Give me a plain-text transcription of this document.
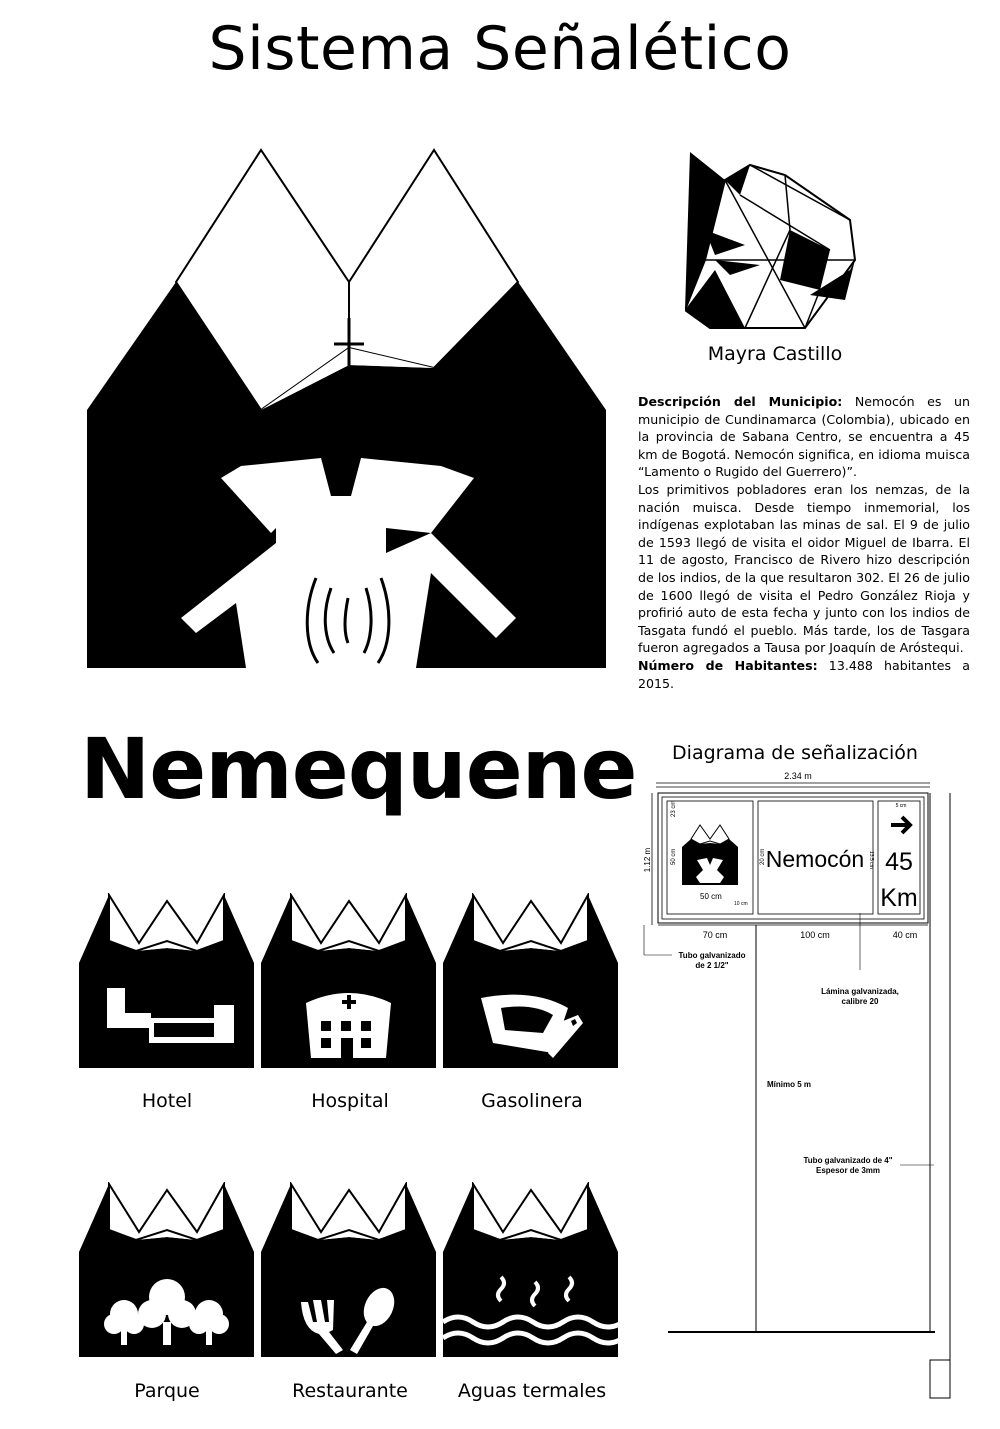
Sistema Señalético
Mayra Castillo
Descripción del Municipio: Nemocón es un municipio de Cundinamarca (Colombia), ubicado en la provincia de Sabana Centro, se encuentra a 45 km de Bogotá. Nemocón significa, en idioma muisca “Lamento o Rugido del Guerrero)”.
Los primitivos pobladores eran los nemzas, de la nación muisca. Desde tiempo inmemorial, los indígenas explotaban las minas de sal. El 9 de julio de 1593 llegó de visita el oidor Miguel de Ibarra. El 11 de agosto, Francisco de Rivero hizo descripción de los indios, de la que resultaron 302. El 26 de julio de 1600 llegó de visita el Pedro González Rioja y profirió auto de esta fecha y junto con los indios de Tasgata fundó el pueblo. Más tarde, los de Tasgara fueron agregados a Tausa por Joaquín de Aróstequi.
Número de Habitantes: 13.488 habitantes a 2015.
Nemequene
Hotel	Hospital	Gasolinera
Parque	Restaurante	Aguas termales
Diagrama de señalización
2.34 m
1.12 m
23 cm
50 cm
50 cm
10 cm
Nemocón
20 cm	13.5 cm
5 cm
45
Km
70 cm	100 cm	40 cm
Tubo galvanizado
de 2 1/2"
Lámina galvanizada,
calibre 20
Mínimo 5 m
Tubo galvanizado de 4"
Espesor de 3mm
